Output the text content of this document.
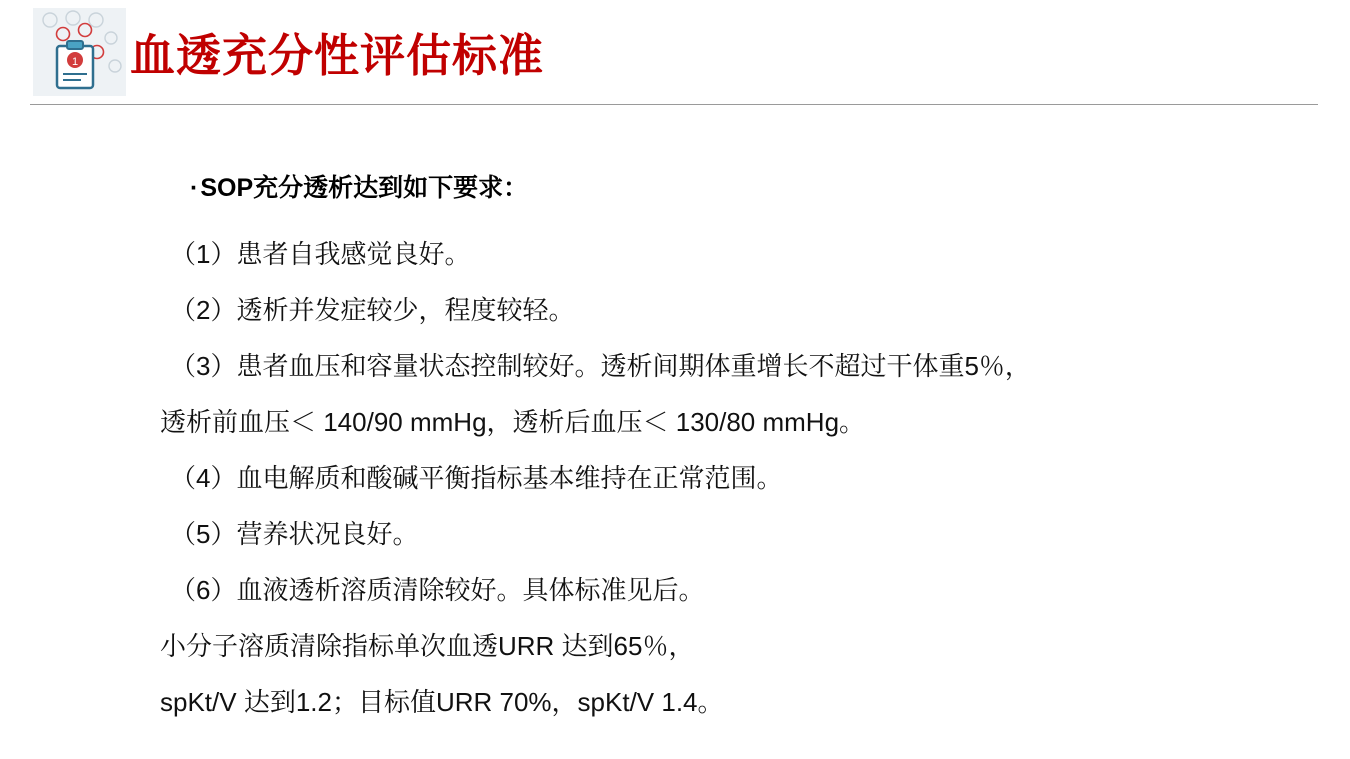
1 血透充分性评估标准
·SOP充分透析达到如下要求：
（1）患者自我感觉良好。
（2）透析并发症较少，程度较轻。
（3）患者血压和容量状态控制较好。透析间期体重增长不超过干体重5％，
透析前血压＜ 140/90 mmHg，透析后血压＜ 130/80 mmHg。
（4）血电解质和酸碱平衡指标基本维持在正常范围。
（5）营养状况良好。
（6）血液透析溶质清除较好。具体标准见后。
小分子溶质清除指标单次血透URR 达到65％，
spKt/V 达到1.2；目标值URR 70%，spKt/V 1.4。
